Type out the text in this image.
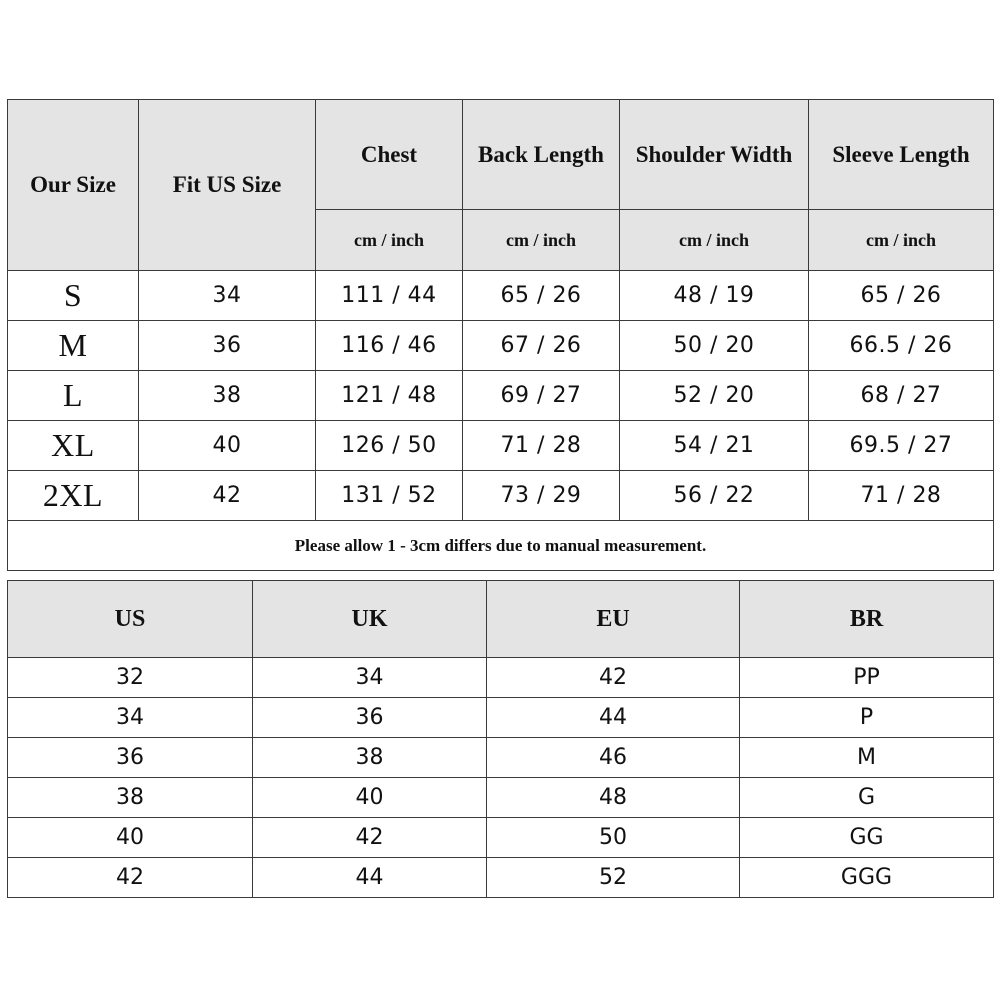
Our Size	Fit US Size	Chest	Back Length	Shoulder Width	Sleeve Length
		cm / inch	cm / inch	cm / inch	cm / inch
S	34	111 / 44	65 / 26	48 / 19	65 / 26
M	36	116 / 46	67 / 26	50 / 20	66.5 / 26
L	38	121 / 48	69 / 27	52 / 20	68 / 27
XL	40	126 / 50	71 / 28	54 / 21	69.5 / 27
2XL	42	131 / 52	73 / 29	56 / 22	71 / 28
Please allow 1 - 3cm differs due to manual measurement.					
US	UK	EU	BR
32	34	42	PP
34	36	44	P
36	38	46	M
38	40	48	G
40	42	50	GG
42	44	52	GGG
